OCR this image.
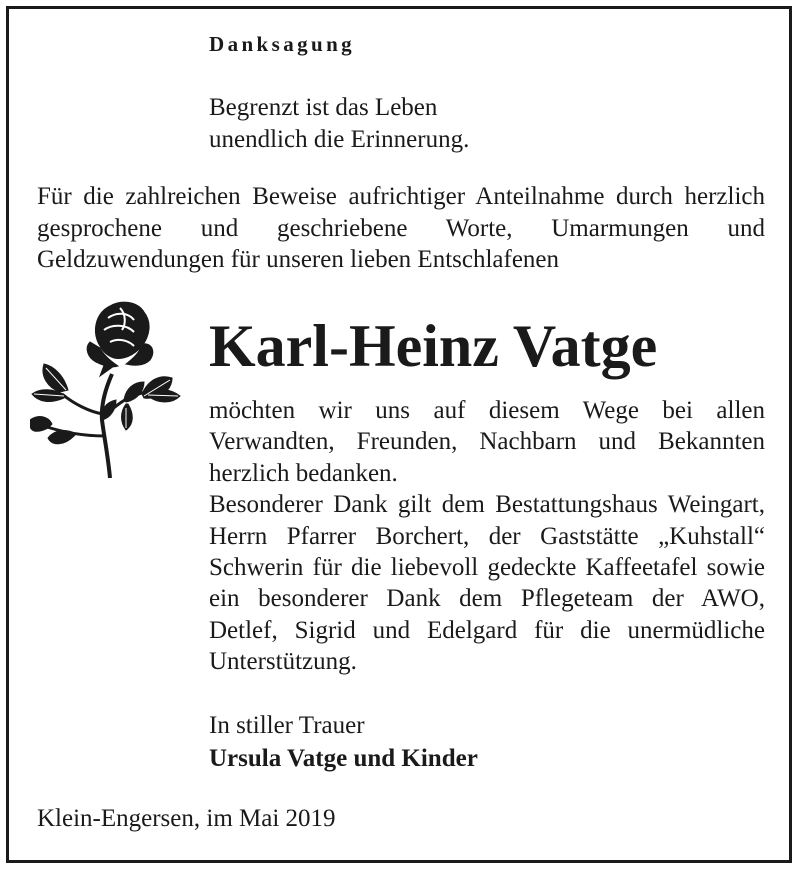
Danksagung
Begrenzt ist das Leben
unendlich die Erinnerung.
Für die zahlreichen Beweise aufrichtiger Anteilnahme durch herzlich gesprochene und geschriebene Worte, Umarmungen und Geldzuwendungen für unseren lieben Entschlafenen
Karl-Heinz Vatge
möchten wir uns auf diesem Wege bei allen Verwandten, Freunden, Nachbarn und Bekannten herzlich bedanken.
Besonderer Dank gilt dem Bestattungshaus Weingart, Herrn Pfarrer Borchert, der Gaststätte „Kuhstall“ Schwerin für die liebevoll gedeckte Kaffeetafel sowie ein besonderer Dank dem Pflegeteam der AWO, Detlef, Sigrid und Edelgard für die unermüdliche Unterstützung.
In stiller Trauer
Ursula Vatge und Kinder
Klein-Engersen, im Mai 2019
